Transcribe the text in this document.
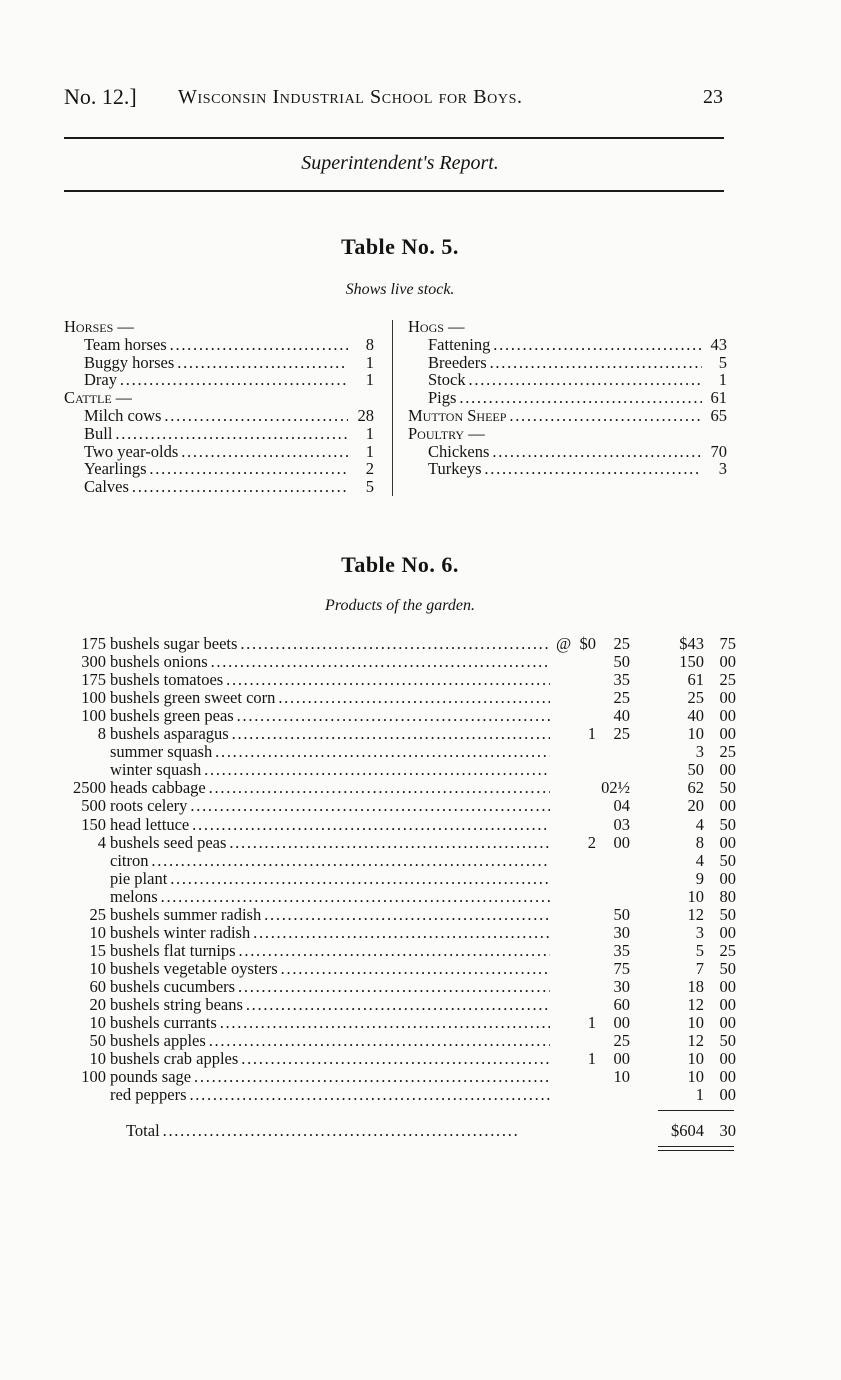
No. 12.] Wisconsin Industrial School for Boys.	23
Superintendent's Report.
Table No. 5.
Shows live stock.
Horses —
Team horses . . .	8
Buggy horses . . .	1
Dray . . .	1
Cattle —
Milch cows . . .	28
Bull . . .	1
Two year-olds . . .	1
Yearlings . . .	2
Calves . . .	5
Hogs —
Fattening . . .	43
Breeders . . .	5
Stock . . .	1
Pigs . . .	61
Mutton Sheep . . .	65
Poultry —
Chickens . . .	70
Turkeys . . .	3
Table No. 6.
Products of the garden.
175 bushels sugar beets . . .	@ $0	25	$43 75
300 bushels onions . . .	50	150 00
175 bushels tomatoes . . .	35	61 25
100 bushels green sweet corn . . .	25	25 00
100 bushels green peas . . .	40	40 00
8 bushels asparagus . . .	1	25	10 00
summer squash . . .	3 25
winter squash . . .	50 00
2500 heads cabbage . . .	02½	62 50
500 roots celery . . .	04	20 00
150 head lettuce . . .	03	4 50
4 bushels seed peas . . .	2	00	8 00
citron . . .	4 50
pie plant . . .	9 00
melons . . .	10 80
25 bushels summer radish . . .	50	12 50
10 bushels winter radish . . .	30	3 00
15 bushels flat turnips . . .	35	5 25
10 bushels vegetable oysters . . .	75	7 50
60 bushels cucumbers . . .	30	18 00
20 bushels string beans . . .	60	12 00
10 bushels currants . . .	1	00	10 00
50 bushels apples . . .	25	12 50
10 bushels crab apples . . .	1	00	10 00
100 pounds sage . . .	10	10 00
red peppers . . .	1 00
Total . . . . . . . . . . . . . . . . . . . . . . . . . . . . . . . . . . . . . . . . . . . . . . . . . . . . . . . . . . . . .	$604 30
